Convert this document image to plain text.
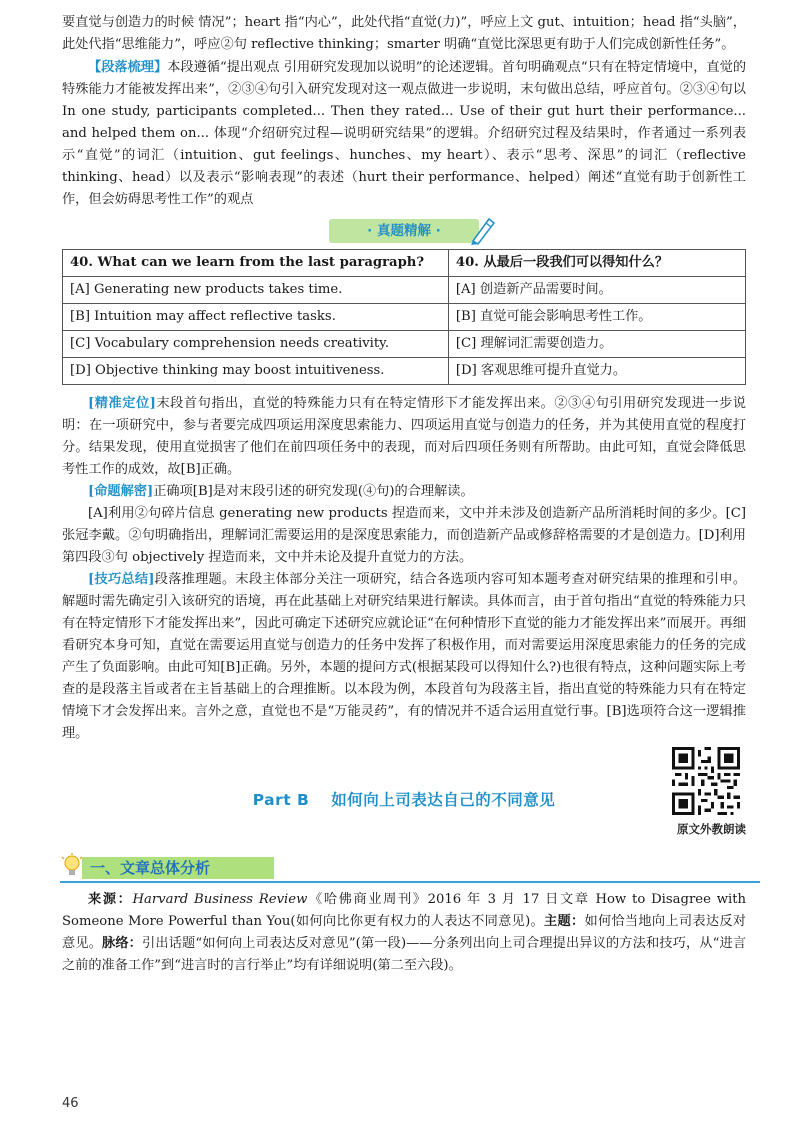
要直觉与创造力的时候 情况”；heart 指“内心”，此处代指“直觉(力)”，呼应上文 gut、intuition；head 指“头脑”，此处代指“思维能力”，呼应②句 reflective thinking；smarter 明确“直觉比深思更有助于人们完成创新性任务”。

【段落梳理】本段遵循“提出观点 引用研究发现加以说明”的论述逻辑。首句明确观点“只有在特定情境中，直觉的特殊能力才能被发挥出来”，②③④句引入研究发现对这一观点做进一步说明，末句做出总结，呼应首句。②③④句以 In one study, participants completed... Then they rated... Use of their gut hurt their performance... and helped them on... 体现“介绍研究过程—说明研究结果”的逻辑。介绍研究过程及结果时，作者通过一系列表示“直觉”的词汇（intuition、gut feelings、hunches、my heart）、表示“思考、深思”的词汇（reflective thinking、head）以及表示“影响表现”的表述（hurt their performance、helped）阐述“直觉有助于创新性工作，但会妨碍思考性工作”的观点

· 真题精解 ·
40. What can we learn from the last paragraph?	40. 从最后一段我们可以得知什么？
[A] Generating new products takes time.	[A] 创造新产品需要时间。
[B] Intuition may affect reflective tasks.	[B] 直觉可能会影响思考性工作。
[C] Vocabulary comprehension needs creativity.	[C] 理解词汇需要创造力。
[D] Objective thinking may boost intuitiveness.	[D] 客观思维可提升直觉力。

[精准定位]末段首句指出，直觉的特殊能力只有在特定情形下才能发挥出来。②③④句引用研究发现进一步说明：在一项研究中，参与者要完成四项运用深度思索能力、四项运用直觉与创造力的任务，并为其使用直觉的程度打分。结果发现，使用直觉损害了他们在前四项任务中的表现，而对后四项任务则有所帮助。由此可知，直觉会降低思考性工作的成效，故[B]正确。

[命题解密]正确项[B]是对末段引述的研究发现(④句)的合理解读。

[A]利用②句碎片信息 generating new products 捏造而来，文中并未涉及创造新产品所消耗时间的多少。[C]张冠李戴。②句明确指出，理解词汇需要运用的是深度思索能力，而创造新产品或修辞格需要的才是创造力。[D]利用第四段③句 objectively 捏造而来，文中并未论及提升直觉力的方法。

[技巧总结]段落推理题。末段主体部分关注一项研究，结合各选项内容可知本题考查对研究结果的推理和引申。解题时需先确定引入该研究的语境，再在此基础上对研究结果进行解读。具体而言，由于首句指出“直觉的特殊能力只有在特定情形下才能发挥出来”，因此可确定下述研究应就论证“在何种情形下直觉的能力才能发挥出来”而展开。再细看研究本身可知，直觉在需要运用直觉与创造力的任务中发挥了积极作用，而对需要运用深度思索能力的任务的完成产生了负面影响。由此可知[B]正确。另外，本题的提问方式(根据某段可以得知什么?)也很有特点，这种问题实际上考查的是段落主旨或者在主旨基础上的合理推断。以本段为例，本段首句为段落主旨，指出直觉的特殊能力只有在特定情境下才会发挥出来。言外之意，直觉也不是“万能灵药”，有的情况并不适合运用直觉行事。[B]选项符合这一逻辑推理。

Part B　 如何向上司表达自己的不同意见
原文外教朗读
一、文章总体分析

来源：Harvard Business Review《哈佛商业周刊》2016 年 3 月 17 日文章 How to Disagree with Someone More Powerful than You(如何向比你更有权力的人表达不同意见)。主题：如何恰当地向上司表达反对意见。脉络：引出话题“如何向上司表达反对意见”(第一段)——分条列出向上司合理提出异议的方法和技巧，从“进言之前的准备工作”到“进言时的言行举止”均有详细说明(第二至六段)。

46
